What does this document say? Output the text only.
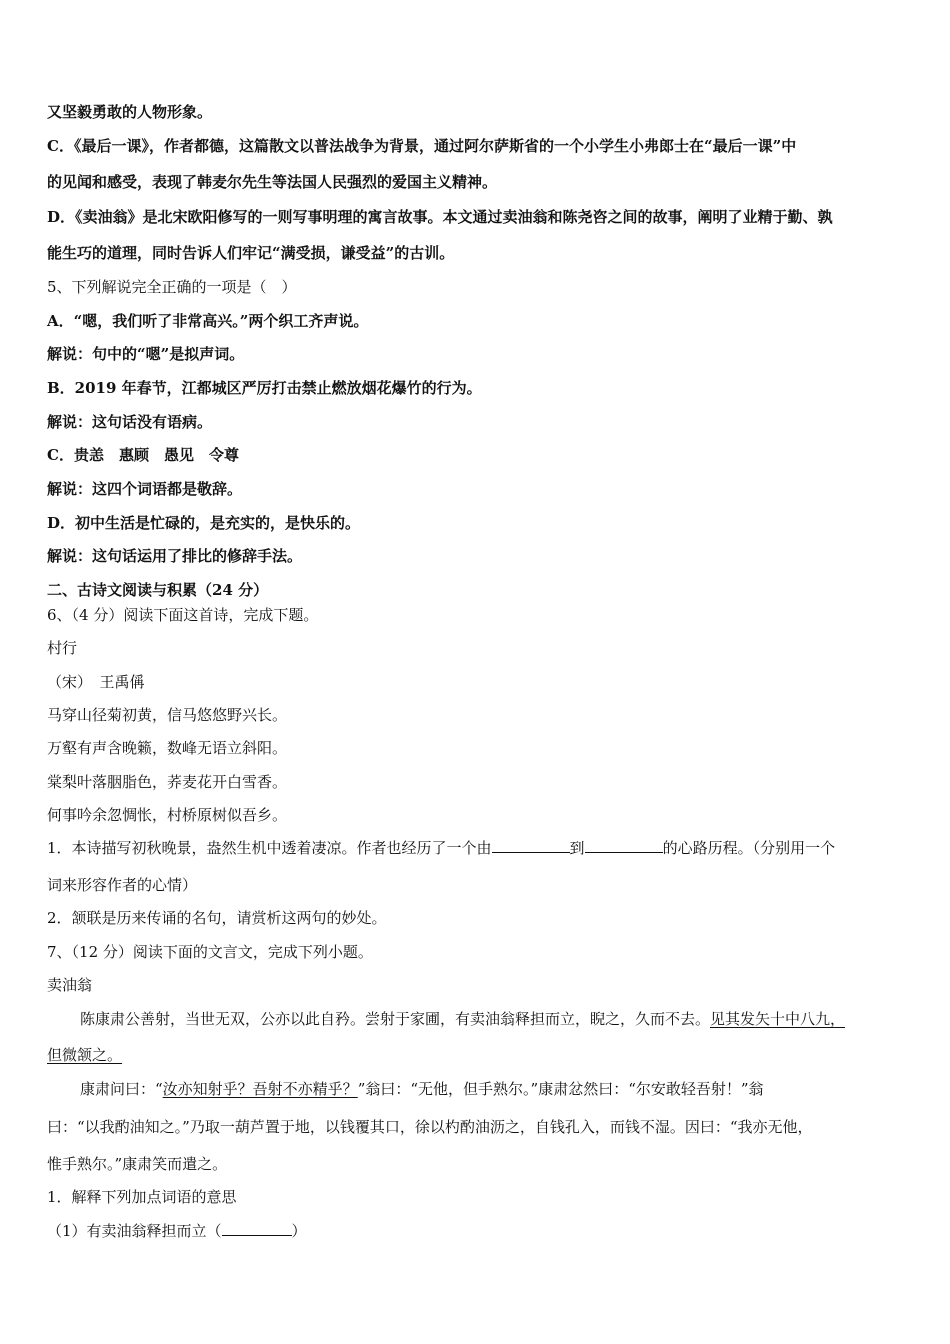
又坚毅勇敢的人物形象。
C．《最后一课》，作者都德，这篇散文以普法战争为背景，通过阿尔萨斯省的一个小学生小弗郎士在“最后一课”中
的见闻和感受，表现了韩麦尔先生等法国人民强烈的爱国主义精神。
D．《卖油翁》是北宋欧阳修写的一则写事明理的寓言故事。本文通过卖油翁和陈尧咨之间的故事，阐明了业精于勤、孰
能生巧的道理，同时告诉人们牢记“满受损，谦受益”的古训。
5、下列解说完全正确的一项是（　）
A．“嗯，我们听了非常高兴。”两个织工齐声说。
解说：句中的“嗯”是拟声词。
B．2019 年春节，江都城区严厉打击禁止燃放烟花爆竹的行为。
解说：这句话没有语病。
C．贵恙　惠顾　愚见　令尊
解说：这四个词语都是敬辞。
D．初中生活是忙碌的，是充实的，是快乐的。
解说：这句话运用了排比的修辞手法。
二、古诗文阅读与积累（24 分）
6、（4 分）阅读下面这首诗，完成下题。
村行
（宋）　王禹偁
马穿山径菊初黄，信马悠悠野兴长。
万壑有声含晚籁，数峰无语立斜阳。
棠梨叶落胭脂色，荞麦花开白雪香。
何事吟余忽惆怅，村桥原树似吾乡。
1．本诗描写初秋晚景，盎然生机中透着凄凉。作者也经历了一个由	到	的心路历程。（分别用一个
词来形容作者的心情）
2．颔联是历来传诵的名句，请赏析这两句的妙处。
7、（12 分）阅读下面的文言文，完成下列小题。
卖油翁
陈康肃公善射，当世无双，公亦以此自矜。尝射于家圃，有卖油翁释担而立，睨之，久而不去。见其发矢十中八九，
但微颔之。
康肃问曰：“汝亦知射乎？吾射不亦精乎？”翁曰：“无他，但手熟尔。”康肃忿然曰：“尔安敢轻吾射！”翁
曰：“以我酌油知之。”乃取一葫芦置于地，以钱覆其口，徐以杓酌油沥之，自钱孔入，而钱不湿。因曰：“我亦无他，
惟手熟尔。”康肃笑而遣之。
1．解释下列加点词语的意思
（1）有卖油翁释担而立（	）
